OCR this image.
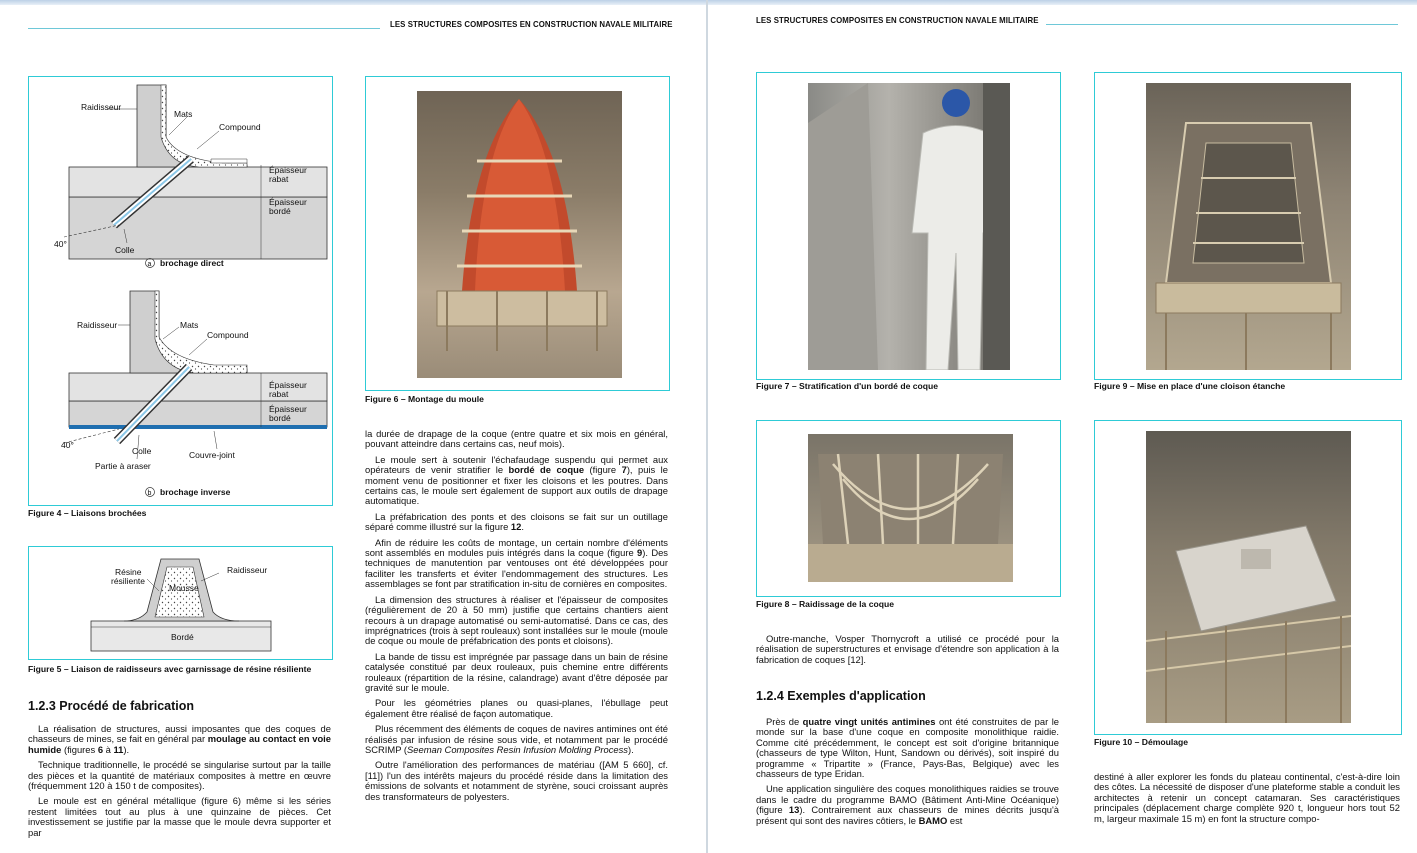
LES STRUCTURES COMPOSITES EN CONSTRUCTION NAVALE MILITAIRE
Raidisseur
Mats
Compound
Épaisseur
rabat
Épaisseur
bordé
40°
Colle
a brochage direct
Raidisseur	Mats
Compound
Épaisseur
rabat
Épaisseur
bordé
40°
Colle
Partie à araser
Couvre-joint
b brochage inverse
Figure 4 – Liaisons brochées
Résine
résiliente
Raidisseur
Mousse
Bordé
Figure 5 – Liaison de raidisseurs avec garnissage de résine résiliente
Figure 6 – Montage du moule
1.2.3 Procédé de fabrication

La réalisation de structures, aussi imposantes que des coques de chasseurs de mines, se fait en général par moulage au contact en voie humide (figures 6 à 11).

Technique traditionnelle, le procédé se singularise surtout par la taille des pièces et la quantité de matériaux composites à mettre en œuvre (fréquemment 120 à 150 t de composites).

Le moule est en général métallique (figure 6) même si les séries restent limitées tout au plus à une quinzaine de pièces. Cet investissement se justifie par la masse que le moule devra supporter et par

la durée de drapage de la coque (entre quatre et six mois en général, pouvant atteindre dans certains cas, neuf mois).

Le moule sert à soutenir l'échafaudage suspendu qui permet aux opérateurs de venir stratifier le bordé de coque (figure 7), puis le moment venu de positionner et fixer les cloisons et les poutres. Dans certains cas, le moule sert également de support aux outils de drapage automatique.

La préfabrication des ponts et des cloisons se fait sur un outillage séparé comme illustré sur la figure 12.

Afin de réduire les coûts de montage, un certain nombre d'éléments sont assemblés en modules puis intégrés dans la coque (figure 9). Des techniques de manutention par ventouses ont été développées pour faciliter les transferts et éviter l'endommagement des structures. Les assemblages se font par stratification in-situ de cornières en composites.

La dimension des structures à réaliser et l'épaisseur de composites (régulièrement de 20 à 50 mm) justifie que certains chantiers aient recours à un drapage automatisé ou semi-automatisé. Dans ce cas, des imprégnatrices (trois à sept rouleaux) sont installées sur le moule (moule de coque ou moule de préfabrication des ponts et cloisons).

La bande de tissu est imprégnée par passage dans un bain de résine catalysée constitué par deux rouleaux, puis chemine entre différents rouleaux (répartition de la résine, calandrage) avant d'être déposée par gravité sur le moule.

Pour les géométries planes ou quasi-planes, l'ébullage peut également être réalisé de façon automatique.

Plus récemment des éléments de coques de navires antimines ont été réalisés par infusion de résine sous vide, et notamment par le procédé SCRIMP (Seeman Composites Resin Infusion Molding Process).

Outre l'amélioration des performances de matériau ([AM 5 660], cf. [11]) l'un des intérêts majeurs du procédé réside dans la limitation des émissions de solvants et notamment de styrène, souci croissant auprès des transformateurs de polyesters.

LES STRUCTURES COMPOSITES EN CONSTRUCTION NAVALE MILITAIRE
Figure 7 – Stratification d'un bordé de coque	Figure 9 – Mise en place d'une cloison étanche
Figure 8 – Raidissage de la coque
Figure 10 – Démoulage

Outre-manche, Vosper Thornycroft a utilisé ce procédé pour la réalisation de superstructures et envisage d'étendre son application à la fabrication de coques [12].

1.2.4 Exemples d'application

Près de quatre vingt unités antimines ont été construites de par le monde sur la base d'une coque en composite monolithique raidie. Comme cité précédemment, le concept est soit d'origine britannique (chasseurs de type Wilton, Hunt, Sandown ou dérivés), soit inspiré du programme « Tripartite » (France, Pays-Bas, Belgique) avec les chasseurs de type Eridan.

Une application singulière des coques monolithiques raidies se trouve dans le cadre du programme BAMO (Bâtiment Anti-Mine Océanique) (figure 13). Contrairement aux chasseurs de mines décrits jusqu'à présent qui sont des navires côtiers, le BAMO est

destiné à aller explorer les fonds du plateau continental, c'est-à-dire loin des côtes. La nécessité de disposer d'une plateforme stable a conduit les architectes à retenir un concept catamaran. Ses caractéristiques principales (déplacement charge complète 920 t, longueur hors tout 52 m, largeur maximale 15 m) en font la structure compo-
